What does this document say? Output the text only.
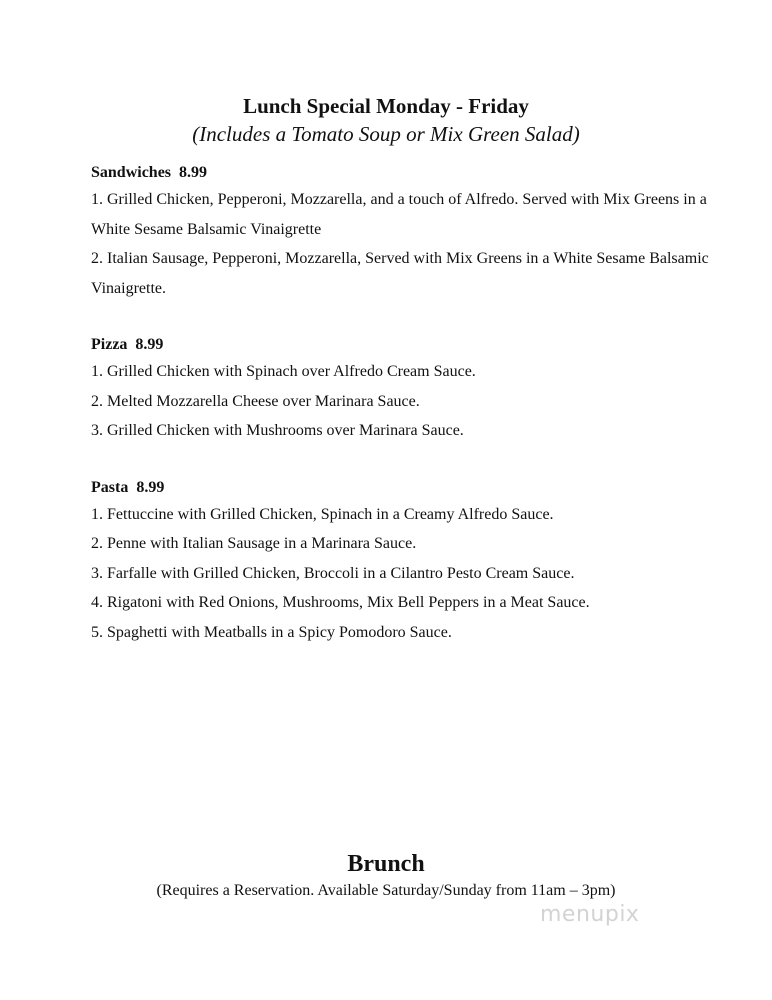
Lunch Special Monday - Friday

(Includes a Tomato Soup or Mix Green Salad)

Sandwiches  8.99

1. Grilled Chicken, Pepperoni, Mozzarella, and a touch of Alfredo. Served with Mix Greens in a White Sesame Balsamic Vinaigrette

2. Italian Sausage, Pepperoni, Mozzarella, Served with Mix Greens in a White Sesame Balsamic Vinaigrette.

Pizza  8.99

1. Grilled Chicken with Spinach over Alfredo Cream Sauce.

2. Melted Mozzarella Cheese over Marinara Sauce.

3. Grilled Chicken with Mushrooms over Marinara Sauce.

Pasta  8.99

1. Fettuccine with Grilled Chicken, Spinach in a Creamy Alfredo Sauce.

2. Penne with Italian Sausage in a Marinara Sauce.

3. Farfalle with Grilled Chicken, Broccoli in a Cilantro Pesto Cream Sauce.

4. Rigatoni with Red Onions, Mushrooms, Mix Bell Peppers in a Meat Sauce.

5. Spaghetti with Meatballs in a Spicy Pomodoro Sauce.

Brunch

(Requires a Reservation. Available Saturday/Sunday from 11am – 3pm)

menupix
